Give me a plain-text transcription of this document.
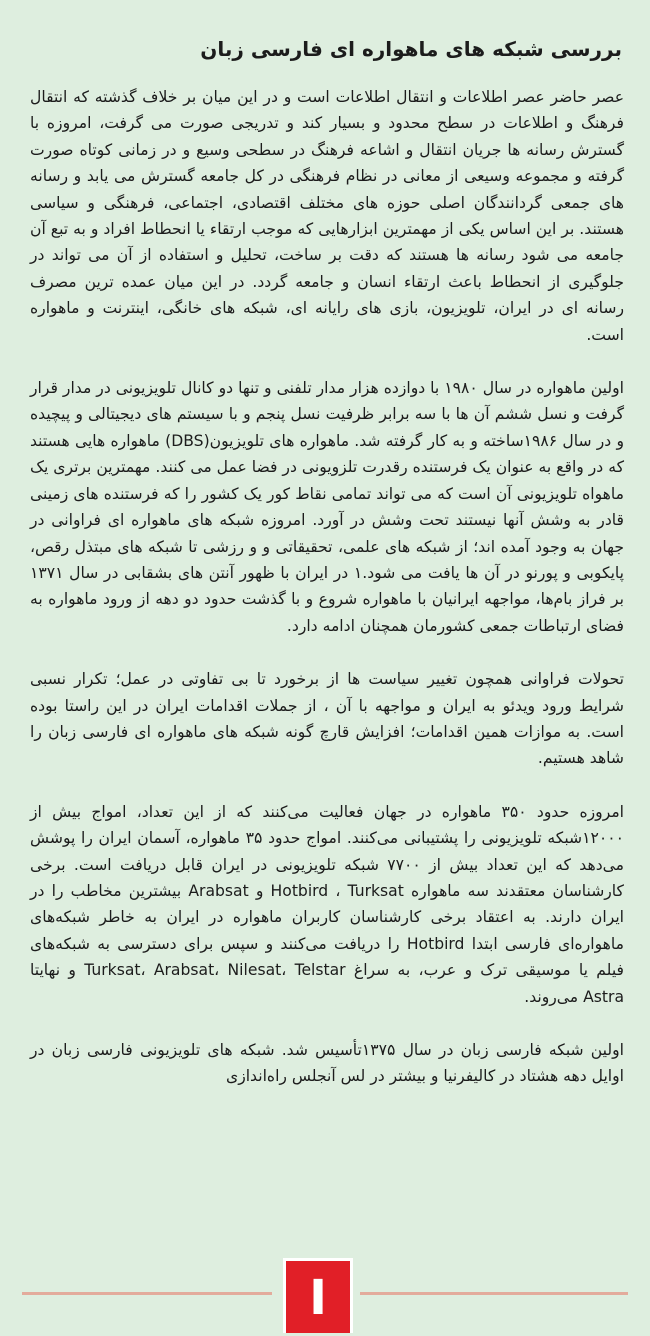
بررسی شبکه های ماهواره ای فارسی زبان

عصر حاضر عصر اطلاعات و انتقال اطلاعات است و در این میان بر خلاف گذشته که انتقال فرهنگ و اطلاعات در سطح محدود و بسیار کند و تدریجی صورت می گرفت، امروزه با گسترش رسانه ها جریان انتقال و اشاعه فرهنگ در سطحی وسیع و در زمانی کوتاه صورت گرفته و مجموعه وسیعی از معانی در نظام فرهنگی در کل جامعه گسترش می یابد و رسانه های جمعی گردانندگان اصلی حوزه های مختلف اقتصادی، اجتماعی، فرهنگی و سیاسی هستند. بر این اساس یکی از مهمترین ابزارهایی که موجب ارتقاء یا انحطاط افراد و به تبع آن جامعه می شود رسانه ها هستند که دقت بر ساخت، تحلیل و استفاده از آن می تواند در جلوگیری از انحطاط باعث ارتقاء انسان و جامعه گردد. در این میان عمده ترین مصرف رسانه ای در ایران، تلویزیون، بازی های رایانه ای، شبکه های خانگی، اینترنت و ماهواره است.

اولین ماهواره در سال ۱۹۸۰ با دوازده هزار مدار تلفنی و تنها دو کانال تلویزیونی در مدار قرار گرفت و نسل ششم آن ها با سه برابر ظرفیت نسل پنجم و با سیستم های دیجیتالی و پیچیده و در سال ۱۹۸۶ساخته و به کار گرفته شد. ماهواره های تلویزیون(DBS) ماهواره هایی هستند که در واقع به عنوان یک فرستنده رقدرت تلزویونی در فضا عمل می کنند. مهمترین برتری یک ماهواه تلویزیونی آن است که می تواند تمامی نقاط کور یک کشور را که فرستنده های زمینی قادر به وشش آنها نیستند تحت وشش در آورد. امروزه شبکه های ماهواره ای فراوانی در جهان به وجود آمده اند؛ از شبکه های علمی، تحقیقاتی و و رزشی تا شبکه های مبتذل رقص، پایکوبی و پورنو در آن ها یافت می شود.۱ در ایران با ظهور آنتن های بشقابی در سال ۱۳۷۱ بر فراز بام‌ها، مواجهه ایرانیان با ماهواره شروع و با گذشت حدود دو دهه از ورود ماهواره به فضای ارتباطات جمعی کشورمان همچنان ادامه دارد.

تحولات فراوانی همچون تغییر سیاست ها از برخورد تا بی تفاوتی در عمل؛ تکرار نسبی شرایط ورود ویدئو به ایران و مواجهه با آن ، از جملات اقدامات ایران در این راستا بوده است. به موازات همین اقدامات؛ افزایش قارچ گونه شبکه های ماهواره ای فارسی زبان را شاهد هستیم.

امروزه حدود ۳۵۰ ماهواره در جهان فعالیت می‌کنند که از این تعداد، امواج بیش از ۱۲۰۰۰شبکه تلویزیونی را پشتیبانی می‌کنند. امواج حدود ۳۵ ماهواره، آسمان ایران را پوشش می‌دهد که این تعداد بیش از ۷۷۰۰ شبکه تلویزیونی در ایران قابل دریافت است. برخی کارشناسان معتقدند سه ماهواره Hotbird ، Turksat و Arabsat بیشترین مخاطب را در ایران دارند. به اعتقاد برخی کارشناسان کاربران ماهواره در ایران به خاطر شبکه‌های ماهواره‌ای فارسی ابتدا Hotbird را دریافت می‌کنند و سپس برای دسترسی به شبکه‌های فیلم یا موسیقی ترک و عرب، به سراغ Turksat، Arabsat، Nilesat، Telstar و نهایتا Astra می‌روند.

اولین شبکه فارسی زبان در سال ۱۳۷۵تأسیس شد. شبکه های تلویزیونی فارسی زبان در اوایل دهه هشتاد در کالیفرنیا و بیشتر در لس آنجلس راه‌اندازی

I
